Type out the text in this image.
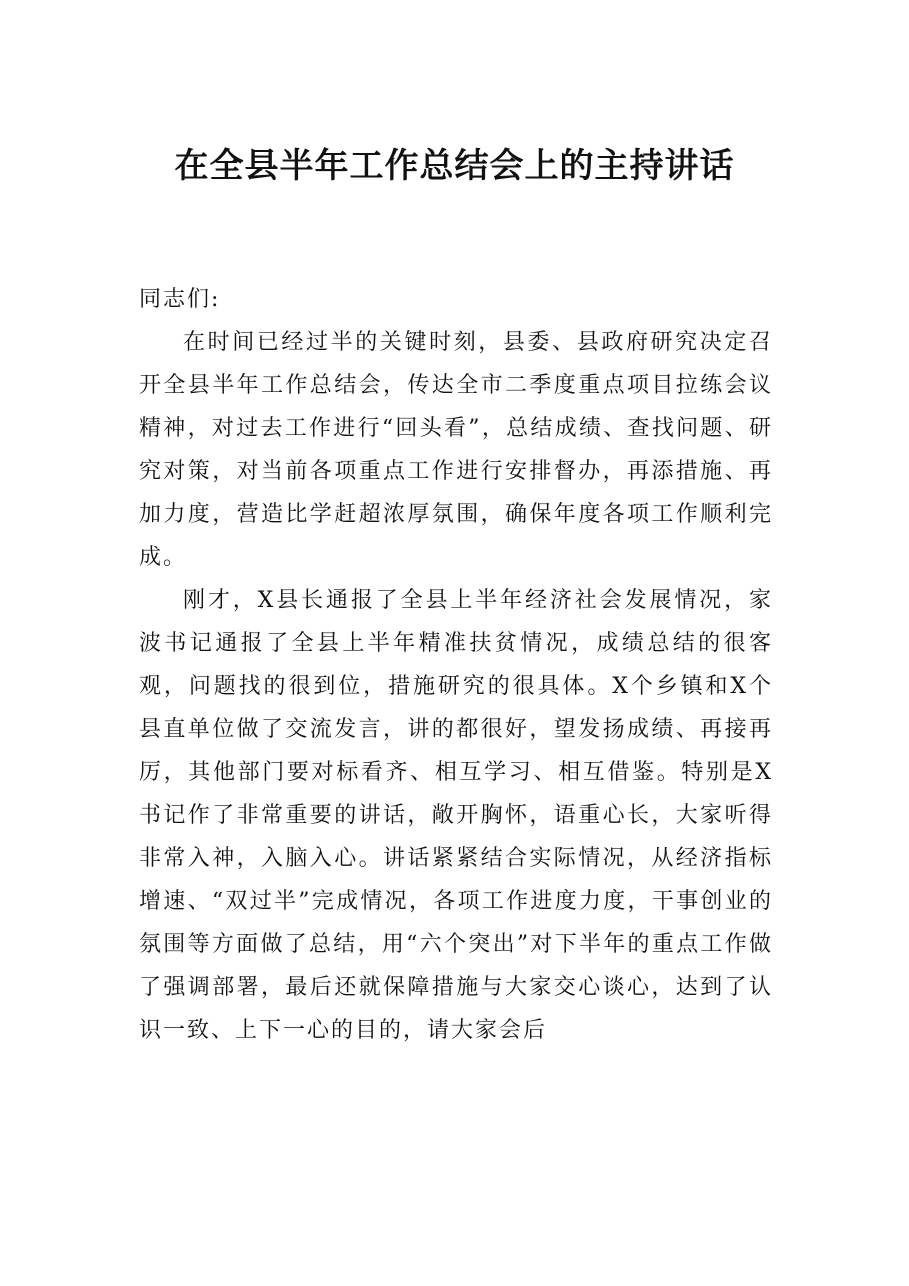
在全县半年工作总结会上的主持讲话

同志们:

在时间已经过半的关键时刻，县委、县政府研究决定召开全县半年工作总结会，传达全市二季度重点项目拉练会议精神，对过去工作进行“回头看”，总结成绩、查找问题、研究对策，对当前各项重点工作进行安排督办，再添措施、再加力度，营造比学赶超浓厚氛围，确保年度各项工作顺利完成。

刚才，X县长通报了全县上半年经济社会发展情况，家波书记通报了全县上半年精准扶贫情况，成绩总结的很客观，问题找的很到位，措施研究的很具体。X个乡镇和X个县直单位做了交流发言，讲的都很好，望发扬成绩、再接再厉，其他部门要对标看齐、相互学习、相互借鉴。特别是X书记作了非常重要的讲话，敞开胸怀，语重心长，大家听得非常入神，入脑入心。讲话紧紧结合实际情况，从经济指标增速、“双过半”完成情况，各项工作进度力度，干事创业的氛围等方面做了总结，用“六个突出”对下半年的重点工作做了强调部署，最后还就保障措施与大家交心谈心，达到了认识一致、上下一心的目的，请大家会后
